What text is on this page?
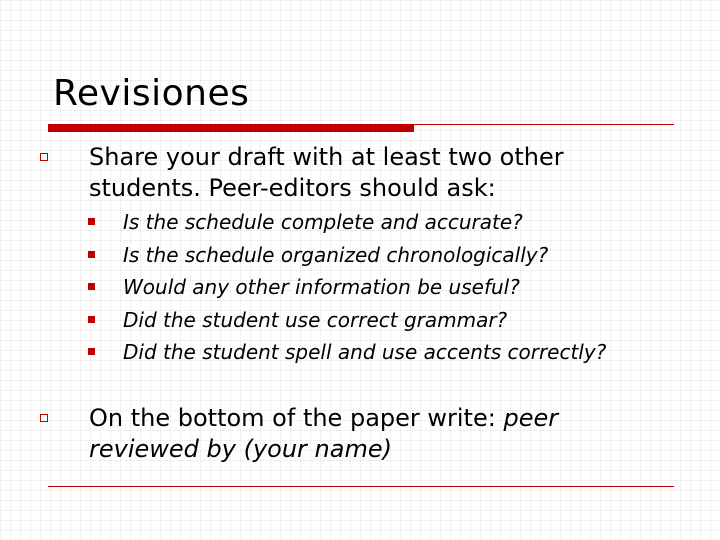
Revisiones
Share your draft with at least two other
students. Peer-editors should ask:
Is the schedule complete and accurate?
Is the schedule organized chronologically?
Would any other information be useful?
Did the student use correct grammar?
Did the student spell and use accents correctly?
On the bottom of the paper write: peer
reviewed by (your name)
